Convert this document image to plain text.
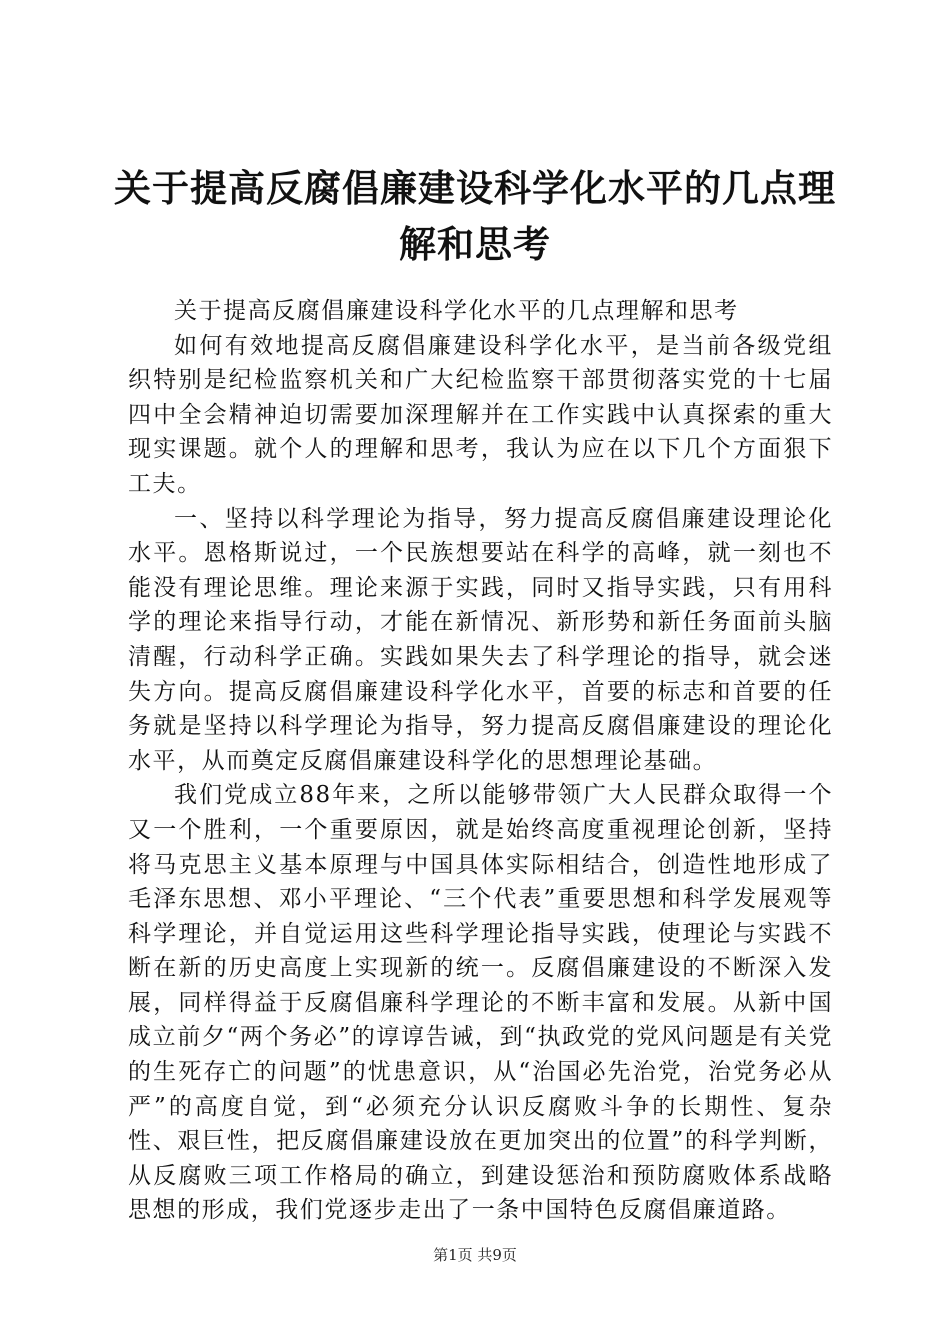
关于提高反腐倡廉建设科学化水平的几点理解和思考

关于提高反腐倡廉建设科学化水平的几点理解和思考

如何有效地提高反腐倡廉建设科学化水平，是当前各级党组织特别是纪检监察机关和广大纪检监察干部贯彻落实党的十七届四中全会精神迫切需要加深理解并在工作实践中认真探索的重大现实课题。就个人的理解和思考，我认为应在以下几个方面狠下工夫。

一、坚持以科学理论为指导，努力提高反腐倡廉建设理论化水平。恩格斯说过，一个民族想要站在科学的高峰，就一刻也不能没有理论思维。理论来源于实践，同时又指导实践，只有用科学的理论来指导行动，才能在新情况、新形势和新任务面前头脑清醒，行动科学正确。实践如果失去了科学理论的指导，就会迷失方向。提高反腐倡廉建设科学化水平，首要的标志和首要的任务就是坚持以科学理论为指导，努力提高反腐倡廉建设的理论化水平，从而奠定反腐倡廉建设科学化的思想理论基础。

我们党成立88年来，之所以能够带领广大人民群众取得一个又一个胜利，一个重要原因，就是始终高度重视理论创新，坚持将马克思主义基本原理与中国具体实际相结合，创造性地形成了毛泽东思想、邓小平理论、“三个代表”重要思想和科学发展观等科学理论，并自觉运用这些科学理论指导实践，使理论与实践不断在新的历史高度上实现新的统一。反腐倡廉建设的不断深入发展，同样得益于反腐倡廉科学理论的不断丰富和发展。从新中国成立前夕“两个务必”的谆谆告诫，到“执政党的党风问题是有关党的生死存亡的问题”的忧患意识，从“治国必先治党，治党务必从严”的高度自觉，到“必须充分认识反腐败斗争的长期性、复杂性、艰巨性，把反腐倡廉建设放在更加突出的位置”的科学判断，从反腐败三项工作格局的确立，到建设惩治和预防腐败体系战略思想的形成，我们党逐步走出了一条中国特色反腐倡廉道路。

第1页 共9页
